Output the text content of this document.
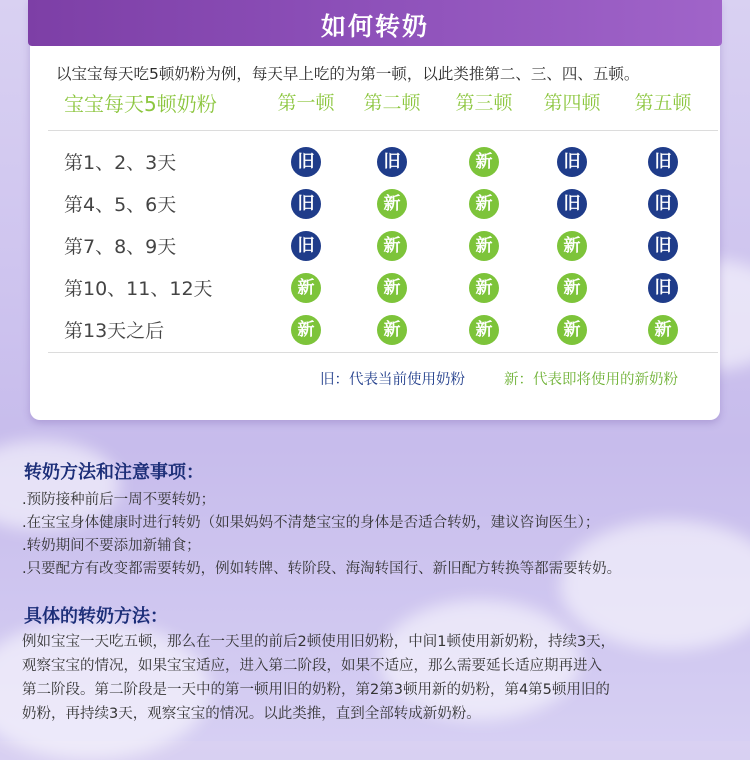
如何转奶
以宝宝每天吃5顿奶粉为例，每天早上吃的为第一顿，以此类推第二、三、四、五顿。
宝宝每天5顿奶粉	第一顿	第二顿	第三顿	第四顿	第五顿
第1、2、3天	旧	旧	新	旧	旧
第4、5、6天	旧	新	新	旧	旧
第7、8、9天	旧	新	新	新	旧
第10、11、12天	新	新	新	新	旧
第13天之后	新	新	新	新	新
旧：代表当前使用奶粉	新：代表即将使用的新奶粉
转奶方法和注意事项：
.预防接种前后一周不要转奶；
.在宝宝身体健康时进行转奶（如果妈妈不清楚宝宝的身体是否适合转奶，建议咨询医生）；
.转奶期间不要添加新辅食；
.只要配方有改变都需要转奶，例如转牌、转阶段、海淘转国行、新旧配方转换等都需要转奶。
具体的转奶方法：
例如宝宝一天吃五顿，那么在一天里的前后2顿使用旧奶粉，中间1顿使用新奶粉，持续3天，
观察宝宝的情况，如果宝宝适应，进入第二阶段，如果不适应，那么需要延长适应期再进入
第二阶段。第二阶段是一天中的第一顿用旧的奶粉，第2第3顿用新的奶粉，第4第5顿用旧的
奶粉，再持续3天，观察宝宝的情况。以此类推，直到全部转成新奶粉。
